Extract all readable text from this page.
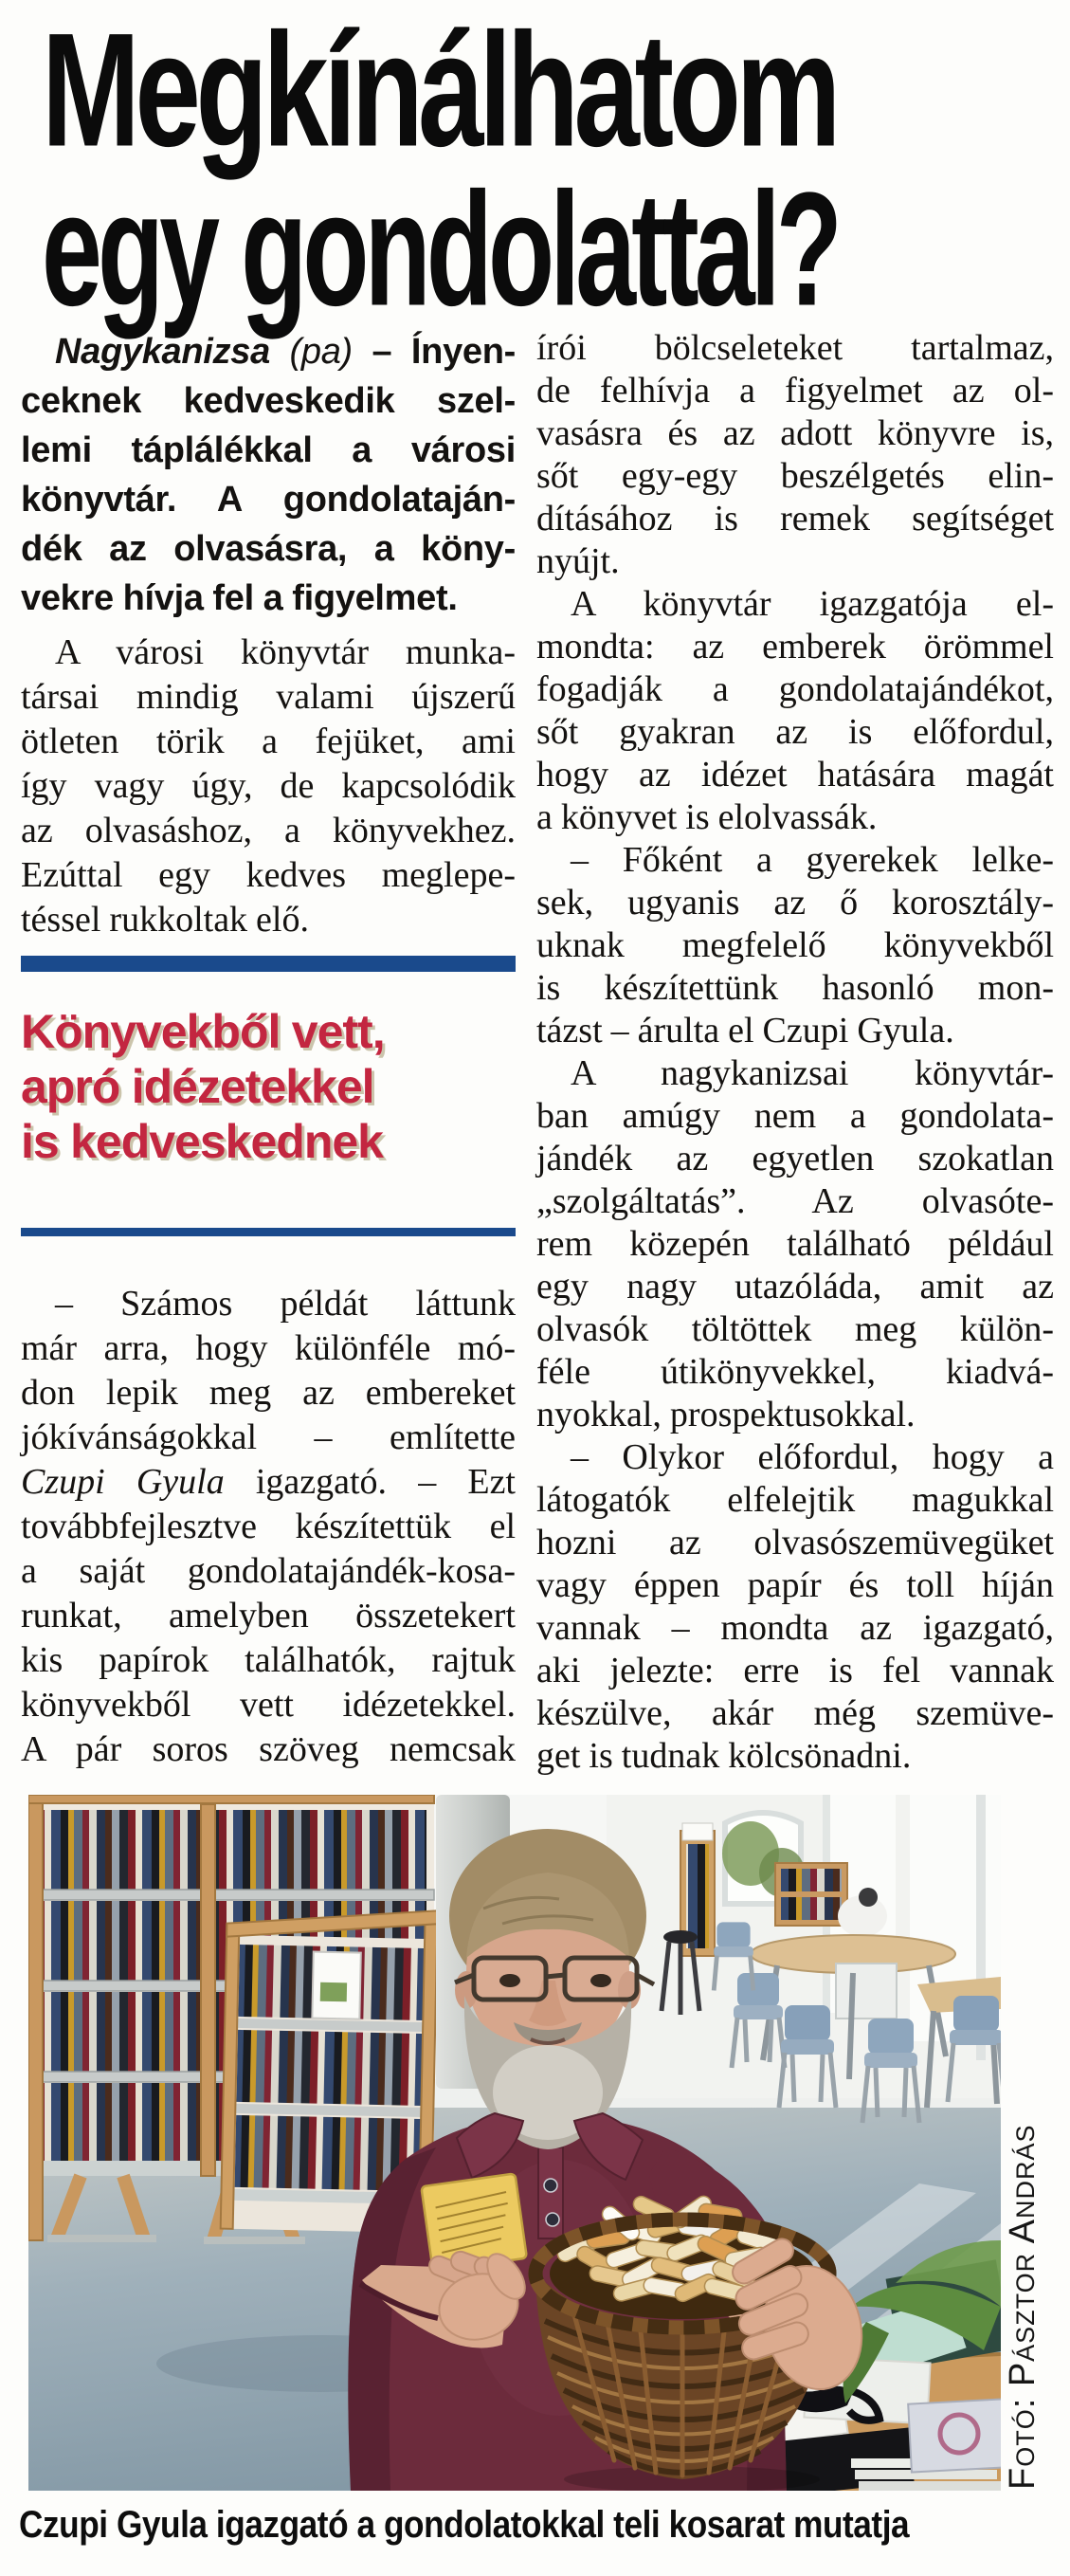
Megkínálhatom
egy gondolattal?
Nagykanizsa (pa) – Ínyen-
ceknek kedveskedik szel-
lemi táplálékkal a városi
könyvtár. A gondolataján-
dék az olvasásra, a köny-
vekre hívja fel a figyelmet.
A városi könyvtár munka-
társai mindig valami újszerű
ötleten törik a fejüket, ami
így vagy úgy, de kapcsolódik
az olvasáshoz, a könyvekhez.
Ezúttal egy kedves meglepe-
téssel rukkoltak elő.
Könyvekből vett,
apró idézetekkel
is kedveskednek
– Számos példát láttunk
már arra, hogy különféle mó-
don lepik meg az embereket
jókívánságokkal – említette
Czupi Gyula igazgató. – Ezt
továbbfejlesztve készítettük el
a saját gondolatajándék-kosa-
runkat, amelyben összetekert
kis papírok találhatók, rajtuk
könyvekből vett idézetekkel.
A pár soros szöveg nemcsak
írói bölcseleteket tartalmaz,
de felhívja a figyelmet az ol-
vasásra és az adott könyvre is,
sőt egy-egy beszélgetés elin-
dításához is remek segítséget
nyújt.
A könyvtár igazgatója el-
mondta: az emberek örömmel
fogadják a gondolatajándékot,
sőt gyakran az is előfordul,
hogy az idézet hatására magát
a könyvet is elolvassák.
– Főként a gyerekek lelke-
sek, ugyanis az ő korosztály-
uknak megfelelő könyvekből
is készítettünk hasonló mon-
tázst – árulta el Czupi Gyula.
A nagykanizsai könyvtár-
ban amúgy nem a gondolata-
jándék az egyetlen szokatlan
„szolgáltatás”. Az olvasóte-
rem közepén található például
egy nagy utazóláda, amit az
olvasók töltöttek meg külön-
féle útikönyvekkel, kiadvá-
nyokkal, prospektusokkal.
– Olykor előfordul, hogy a
látogatók elfelejtik magukkal
hozni az olvasószemüvegüket
vagy éppen papír és toll híján
vannak – mondta az igazgató,
aki jelezte: erre is fel vannak
készülve, akár még szemüve-
get is tudnak kölcsönadni.
Czupi Gyula igazgató a gondolatokkal teli kosarat mutatja
Fotó: Pásztor András
